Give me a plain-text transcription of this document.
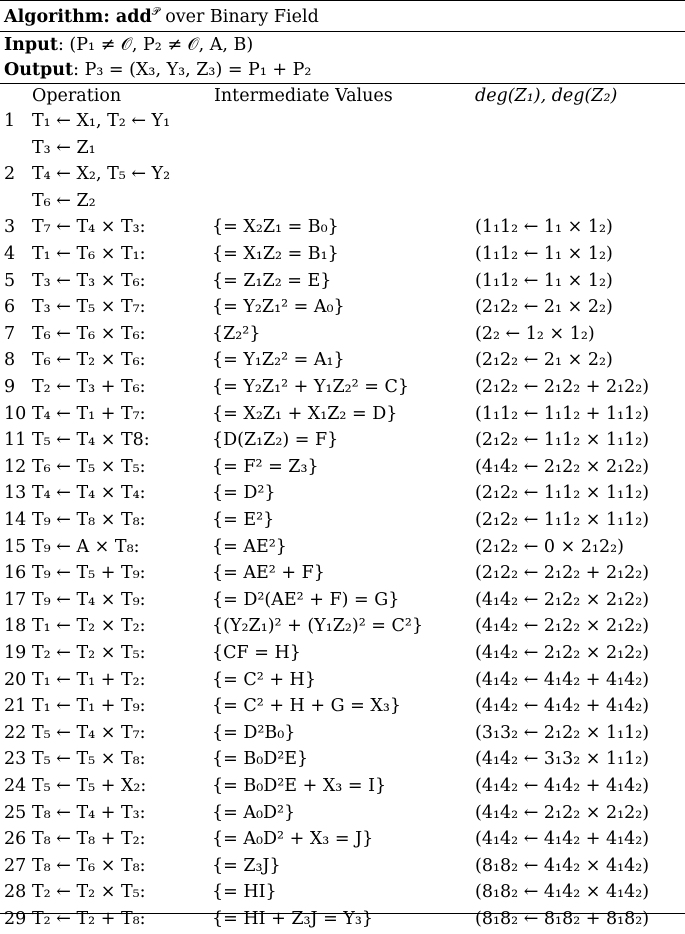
Algorithm: add$^𝒫$ over Binary Field
Input: (P₁ ≠ 𝒪, P₂ ≠ 𝒪, A, B)
Output: P₃ = (X₃, Y₃, Z₃) = P₁ + P₂
Operation	Intermediate Values	deg(Z₁), deg(Z₂)
1 T₁ ← X₁, T₂ ← Y₁
T₃ ← Z₁
2 T₄ ← X₂, T₅ ← Y₂
T₆ ← Z₂
3 T₇ ← T₄ × T₃:	{= X₂Z₁ = B₀}	(1₁1₂ ← 1₁ × 1₂)
4 T₁ ← T₆ × T₁:	{= X₁Z₂ = B₁}	(1₁1₂ ← 1₁ × 1₂)
5 T₃ ← T₃ × T₆:	{= Z₁Z₂ = E}	(1₁1₂ ← 1₁ × 1₂)
6 T₃ ← T₅ × T₇:	{= Y₂Z₁² = A₀}	(2₁2₂ ← 2₁ × 2₂)
7 T₆ ← T₆ × T₆:	{Z₂²}	(2₂ ← 1₂ × 1₂)
8 T₆ ← T₂ × T₆:	{= Y₁Z₂² = A₁}	(2₁2₂ ← 2₁ × 2₂)
9 T₂ ← T₃ + T₆:	{= Y₂Z₁² + Y₁Z₂² = C}	(2₁2₂ ← 2₁2₂ + 2₁2₂)
10 T₄ ← T₁ + T₇:	{= X₂Z₁ + X₁Z₂ = D}	(1₁1₂ ← 1₁1₂ + 1₁1₂)
11 T₅ ← T₄ × T8:	{D(Z₁Z₂) = F}	(2₁2₂ ← 1₁1₂ × 1₁1₂)
12 T₆ ← T₅ × T₅:	{= F² = Z₃}	(4₁4₂ ← 2₁2₂ × 2₁2₂)
13 T₄ ← T₄ × T₄:	{= D²}	(2₁2₂ ← 1₁1₂ × 1₁1₂)
14 T₉ ← T₈ × T₈:	{= E²}	(2₁2₂ ← 1₁1₂ × 1₁1₂)
15 T₉ ← A × T₈:	{= AE²}	(2₁2₂ ← 0 × 2₁2₂)
16 T₉ ← T₅ + T₉:	{= AE² + F}	(2₁2₂ ← 2₁2₂ + 2₁2₂)
17 T₉ ← T₄ × T₉:	{= D²(AE² + F) = G}	(4₁4₂ ← 2₁2₂ × 2₁2₂)
18 T₁ ← T₂ × T₂:	{(Y₂Z₁)² + (Y₁Z₂)² = C²}	(4₁4₂ ← 2₁2₂ × 2₁2₂)
19 T₂ ← T₂ × T₅:	{CF = H}	(4₁4₂ ← 2₁2₂ × 2₁2₂)
20 T₁ ← T₁ + T₂:	{= C² + H}	(4₁4₂ ← 4₁4₂ + 4₁4₂)
21 T₁ ← T₁ + T₉:	{= C² + H + G = X₃}	(4₁4₂ ← 4₁4₂ + 4₁4₂)
22 T₅ ← T₄ × T₇:	{= D²B₀}	(3₁3₂ ← 2₁2₂ × 1₁1₂)
23 T₅ ← T₅ × T₈:	{= B₀D²E}	(4₁4₂ ← 3₁3₂ × 1₁1₂)
24 T₅ ← T₅ + X₂:	{= B₀D²E + X₃ = I}	(4₁4₂ ← 4₁4₂ + 4₁4₂)
25 T₈ ← T₄ + T₃:	{= A₀D²}	(4₁4₂ ← 2₁2₂ × 2₁2₂)
26 T₈ ← T₈ + T₂:	{= A₀D² + X₃ = J}	(4₁4₂ ← 4₁4₂ + 4₁4₂)
27 T₈ ← T₆ × T₈:	{= Z₃J}	(8₁8₂ ← 4₁4₂ × 4₁4₂)
28 T₂ ← T₂ × T₅:	{= HI}	(8₁8₂ ← 4₁4₂ × 4₁4₂)
29 T₂ ← T₂ + T₈:	{= HI + Z₃J = Y₃}	(8₁8₂ ← 8₁8₂ + 8₁8₂)
